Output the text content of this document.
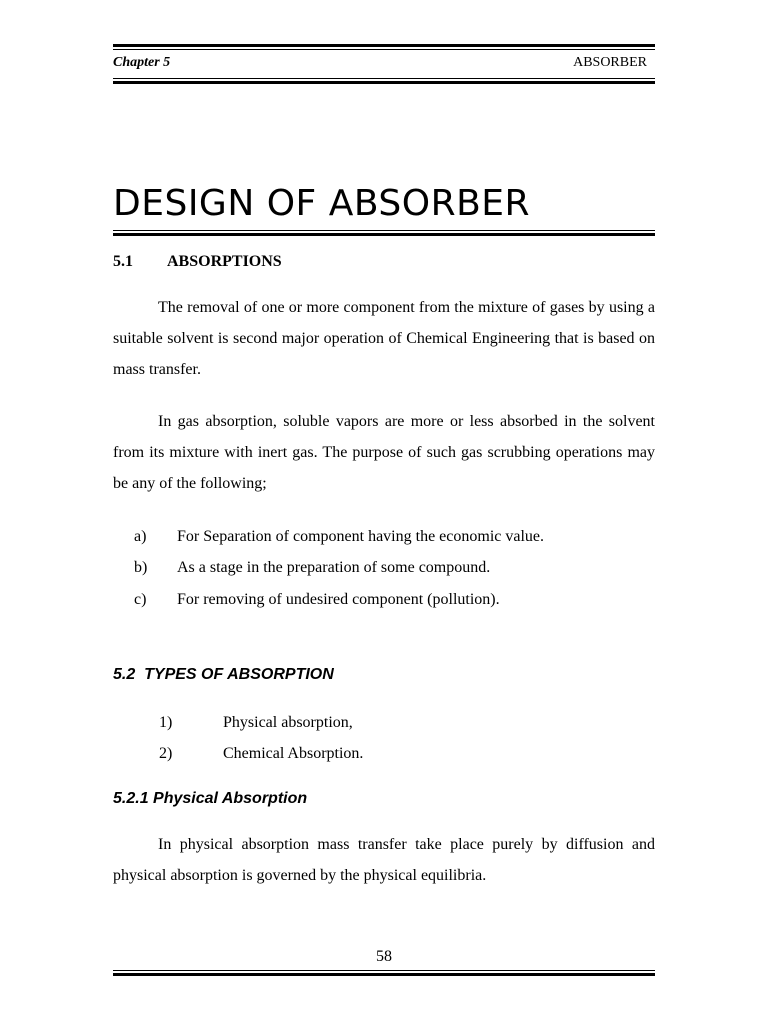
Chapter 5	ABSORBER
DESIGN OF ABSORBER
5.1 ABSORPTIONS

The removal of one or more component from the mixture of gases by using a suitable solvent is second major operation of Chemical Engineering that is based on mass transfer.

In gas absorption, soluble vapors are more or less absorbed in the solvent from its mixture with inert gas. The purpose of such gas scrubbing operations may be any of the following;

a) For Separation of component having the economic value.
b) As a stage in the preparation of some compound.
c) For removing of undesired component (pollution).
5.2  TYPES OF ABSORPTION
1)	Physical absorption,
2)	Chemical Absorption.
5.2.1 Physical Absorption

In physical absorption mass transfer take place purely by diffusion and physical absorption is governed by the physical equilibria.

58
